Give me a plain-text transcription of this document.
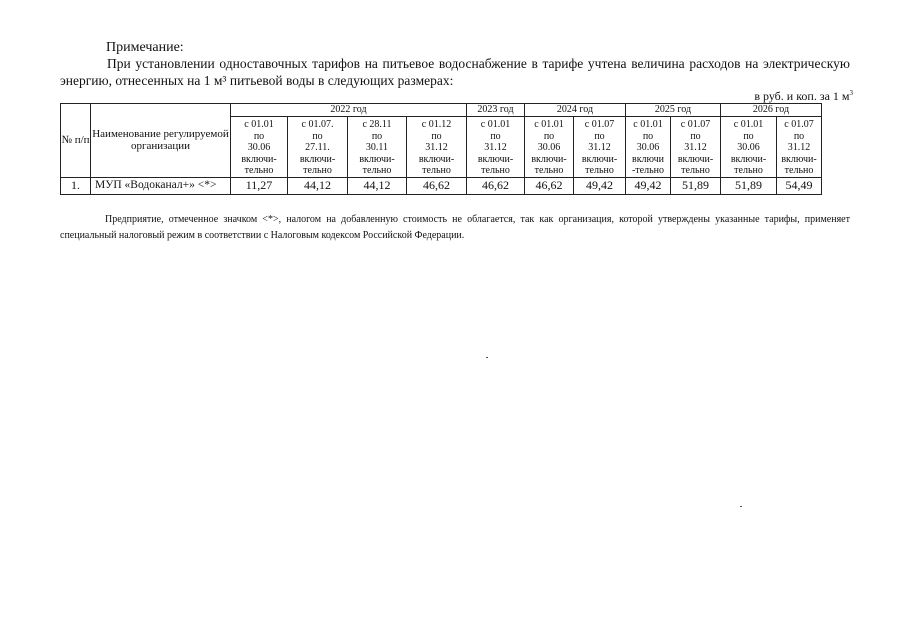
Примечание:
При установлении одноставочных тарифов на питьевое водоснабжение в тарифе учтена величина расходов на электрическую энергию, отнесенных на 1 м³ питьевой воды в следующих размерах:
в руб. и коп. за 1 $м^3$
№ п/п	Наименование регулируемой организации	2022 год				2023 год	2024 год		2025 год		2026 год	

		с 01.01
по
30.06
включи-
тельно	с 01.07.
по
27.11.
включи-
тельно	с 28.11
по
30.11
включи-
тельно	с 01.12
по
31.12
включи-
тельно	с 01.01
по
31.12
включи-
тельно	с 01.01
по
30.06
включи-
тельно	с 01.07
по
31.12
включи-
тельно	с 01.01
по
30.06
включи
-тельно	с 01.07
по
31.12
включи-
тельно	с 01.01
по
30.06
включи-
тельно	с 01.07
по
31.12
включи-
тельно

1.	МУП «Водоканал+» <*>	11,27	44,12	44,12	46,62	46,62	46,62	49,42	49,42	51,89	51,89	54,49
Предприятие, отмеченное значком <*>, налогом на добавленную стоимость не облагается, так как организация, которой утверждены указанные тарифы, применяет специальный налоговый режим в соответствии с Налоговым кодексом Российской Федерации.
